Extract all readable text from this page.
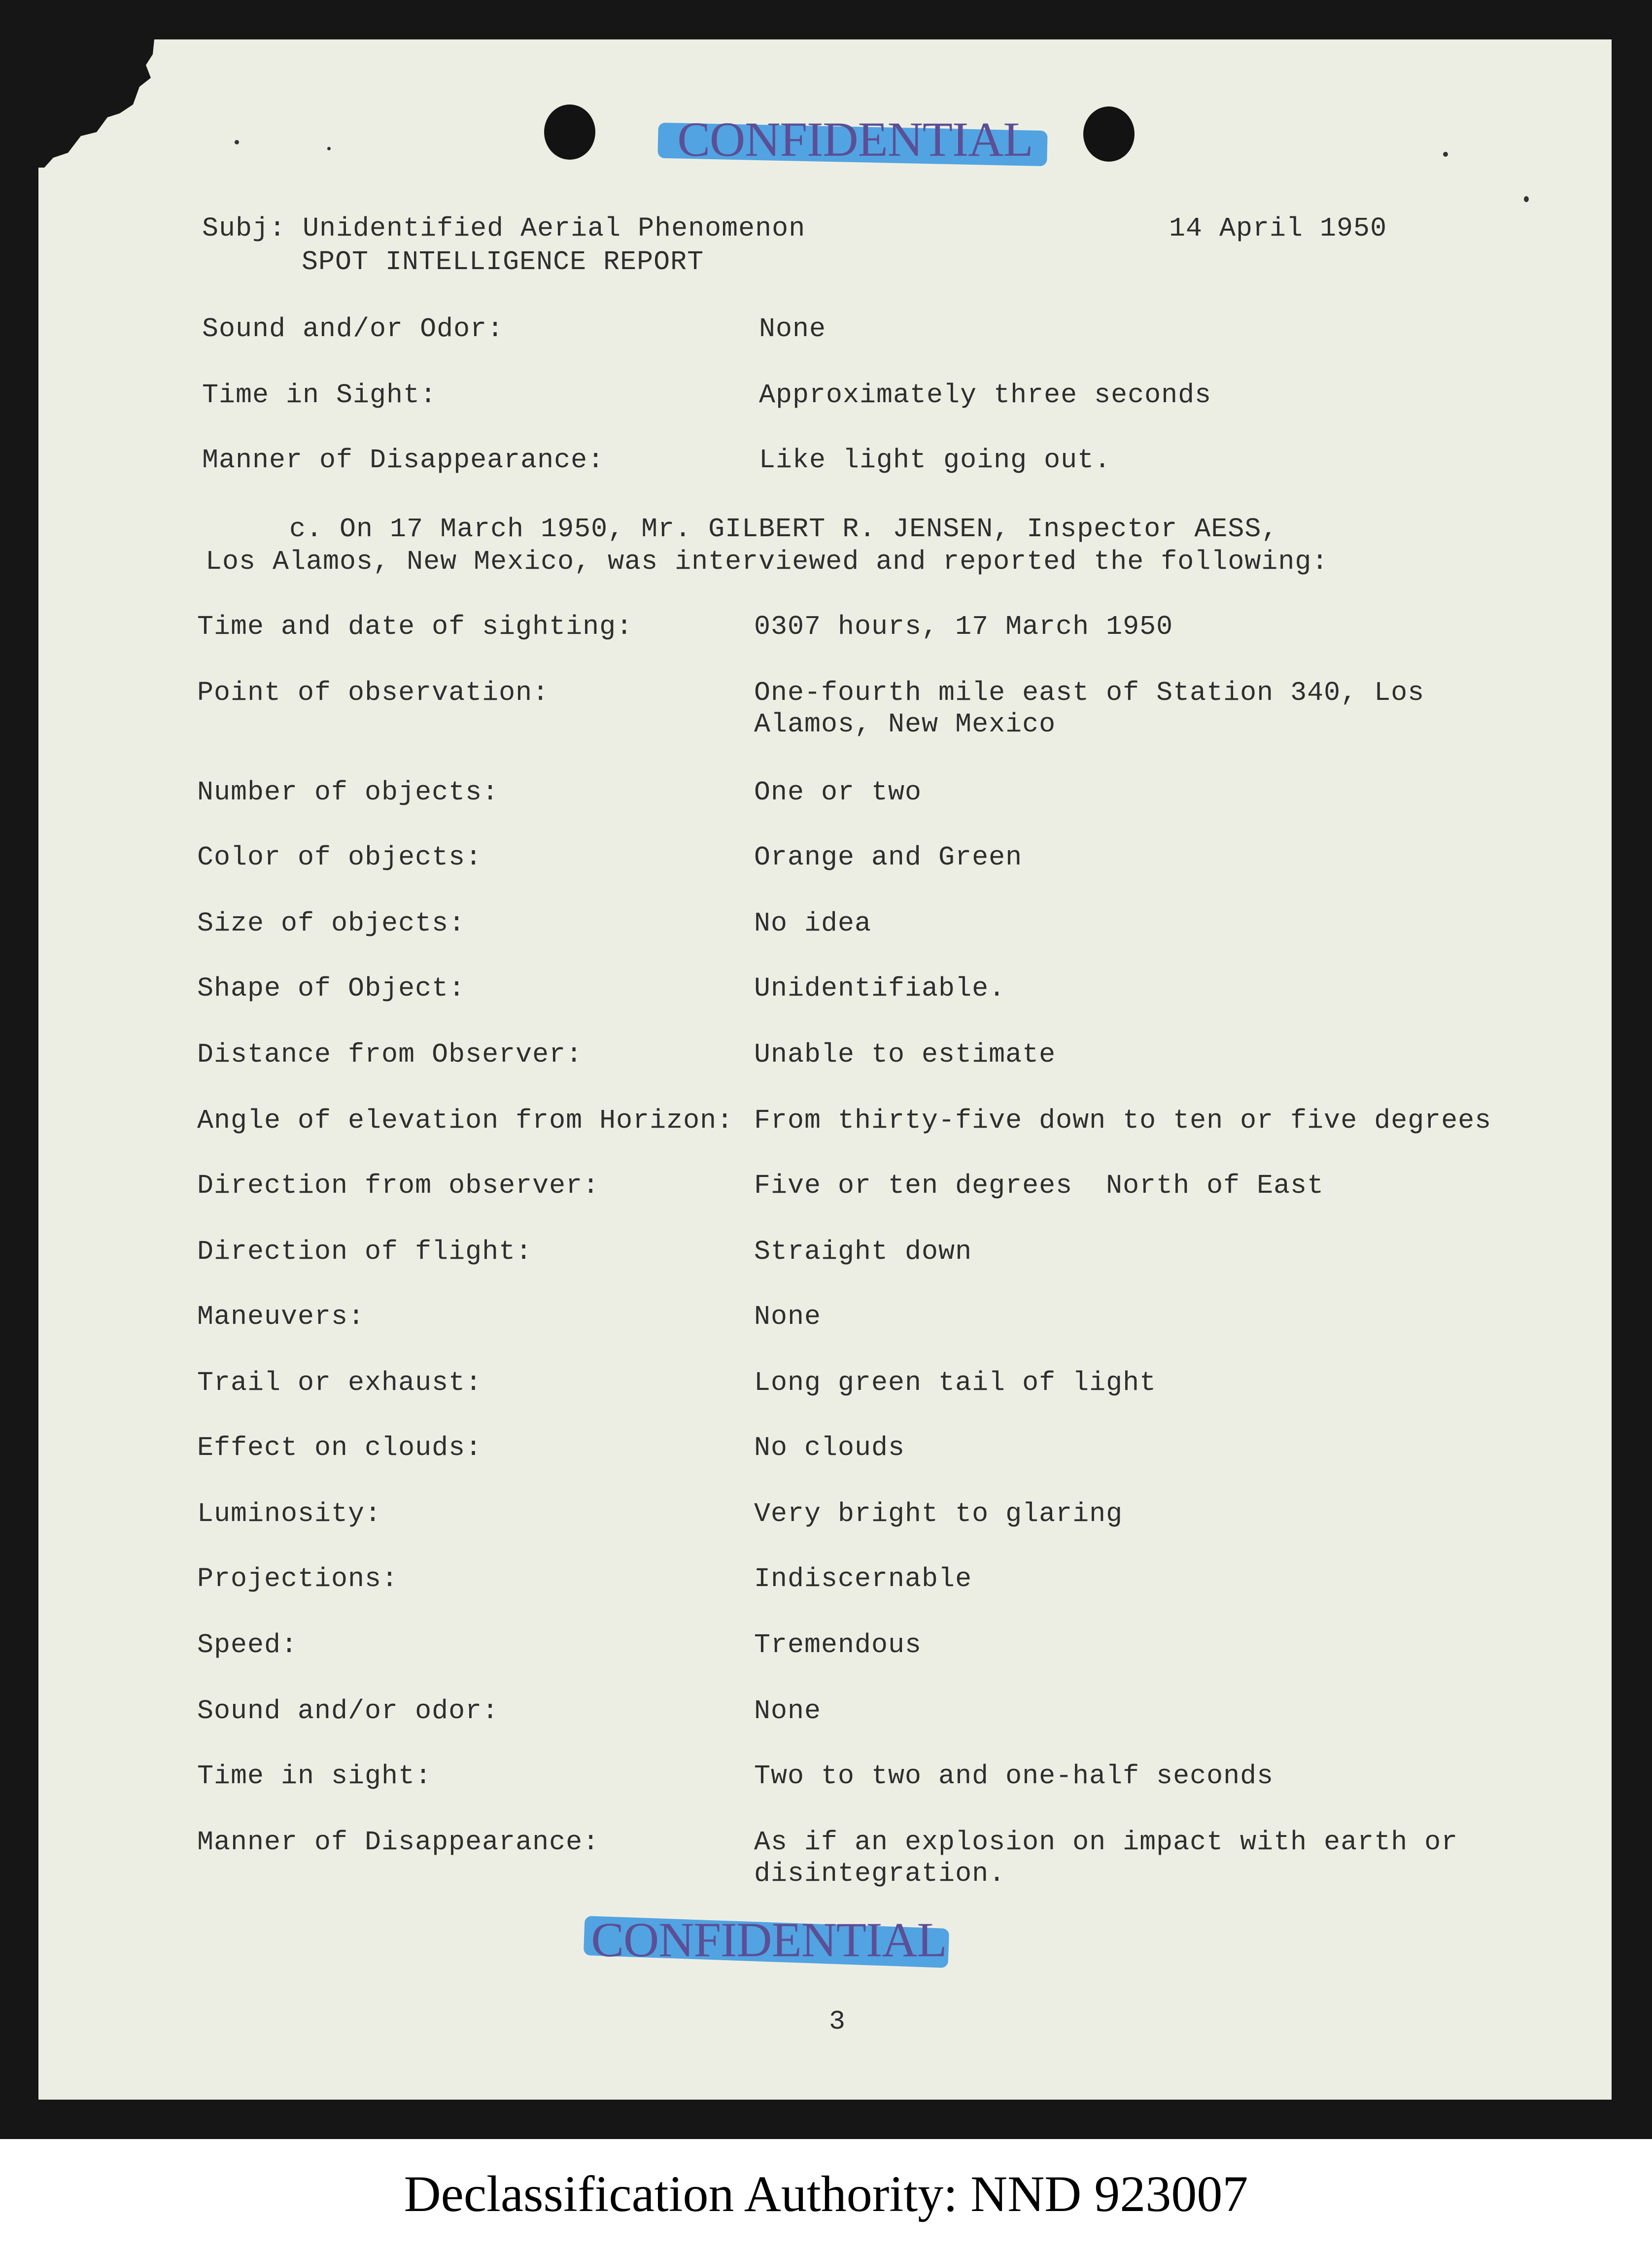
CONFIDENTIAL
CONFIDENTIAL
Subj: Unidentified Aerial Phenomenon
SPOT INTELLIGENCE REPORT
14 April 1950
Sound and/or Odor:	None
Time in Sight:	Approximately three seconds
Manner of Disappearance:	Like light going out.
c. On 17 March 1950, Mr. GILBERT R. JENSEN, Inspector AESS,
Los Alamos, New Mexico, was interviewed and reported the following:
Time and date of sighting:	0307 hours, 17 March 1950
Point of observation:	One-fourth mile east of Station 340, Los
Alamos, New Mexico
Number of objects:	One or two
Color of objects:	Orange and Green
Size of objects:	No idea
Shape of Object:	Unidentifiable.
Distance from Observer:	Unable to estimate
Angle of elevation from Horizon: From thirty-five down to ten or five degrees
Direction from observer:	Five or ten degrees  North of East
Direction of flight:	Straight down
Maneuvers:	None
Trail or exhaust:	Long green tail of light
Effect on clouds:	No clouds
Luminosity:	Very bright to glaring
Projections:	Indiscernable
Speed:	Tremendous
Sound and/or odor:	None
Time in sight:	Two to two and one-half seconds
Manner of Disappearance:	As if an explosion on impact with earth or
disintegration.
3
Declassification Authority: NND 923007
